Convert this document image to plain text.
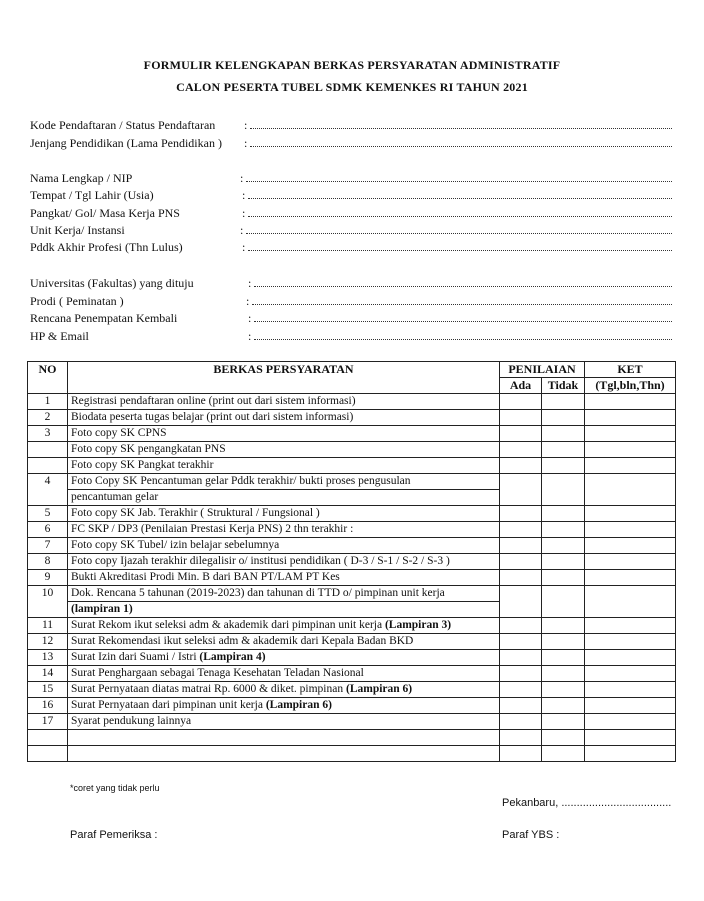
FORMULIR KELENGKAPAN BERKAS PERSYARATAN ADMINISTRATIF
CALON PESERTA TUBEL SDMK KEMENKES RI TAHUN 2021
Kode Pendaftaran / Status Pendaftaran
:
Jenjang Pendidikan (Lama Pendidikan )
:
Nama Lengkap / NIP
:
Tempat / Tgl Lahir (Usia)
:
Pangkat/ Gol/ Masa Kerja PNS
:
Unit Kerja/ Instansi
:
Pddk Akhir Profesi (Thn Lulus)
:
Universitas (Fakultas) yang dituju
:
Prodi ( Peminatan )
:
Rencana Penempatan Kembali
:
HP & Email
:
NO	BERKAS PERSYARATAN	PENILAIAN		KET
		Ada	Tidak	(Tgl,bln,Thn)
1	Registrasi pendaftaran online (print out dari sistem informasi)			
2	Biodata peserta tugas belajar (print out dari sistem informasi)			
3	Foto copy SK CPNS			
	Foto copy SK pengangkatan PNS			
	Foto copy SK Pangkat terakhir			
4	Foto Copy SK Pencantuman gelar Pddk terakhir/ bukti proses pengusulan			
	pencantuman gelar			
5	Foto copy SK Jab. Terakhir ( Struktural / Fungsional )			
6	FC SKP / DP3 (Penilaian Prestasi Kerja PNS) 2 thn terakhir :			
7	Foto copy SK Tubel/ izin belajar sebelumnya			
8	Foto copy Ijazah terakhir dilegalisir o/ institusi pendidikan ( D-3 / S-1 / S-2 / S-3 )			
9	Bukti Akreditasi Prodi Min. B dari BAN PT/LAM PT Kes			
10	Dok. Rencana 5 tahunan (2019-2023) dan tahunan di TTD o/ pimpinan unit kerja			
	(lampiran 1)			
11	Surat Rekom ikut seleksi adm & akademik dari pimpinan unit kerja (Lampiran 3)			
12	Surat Rekomendasi ikut seleksi adm & akademik dari Kepala Badan BKD			
13	Surat Izin dari Suami / Istri (Lampiran 4)			
14	Surat Penghargaan sebagai Tenaga Kesehatan Teladan Nasional			
15	Surat Pernyataan diatas matrai Rp. 6000 & diket. pimpinan (Lampiran 6)			
16	Surat Pernyataan dari pimpinan unit kerja (Lampiran 6)			
17	Syarat pendukung lainnya			

*coret yang tidak perlu
Pekanbaru, ....................................
Paraf Pemeriksa :	Paraf YBS :
